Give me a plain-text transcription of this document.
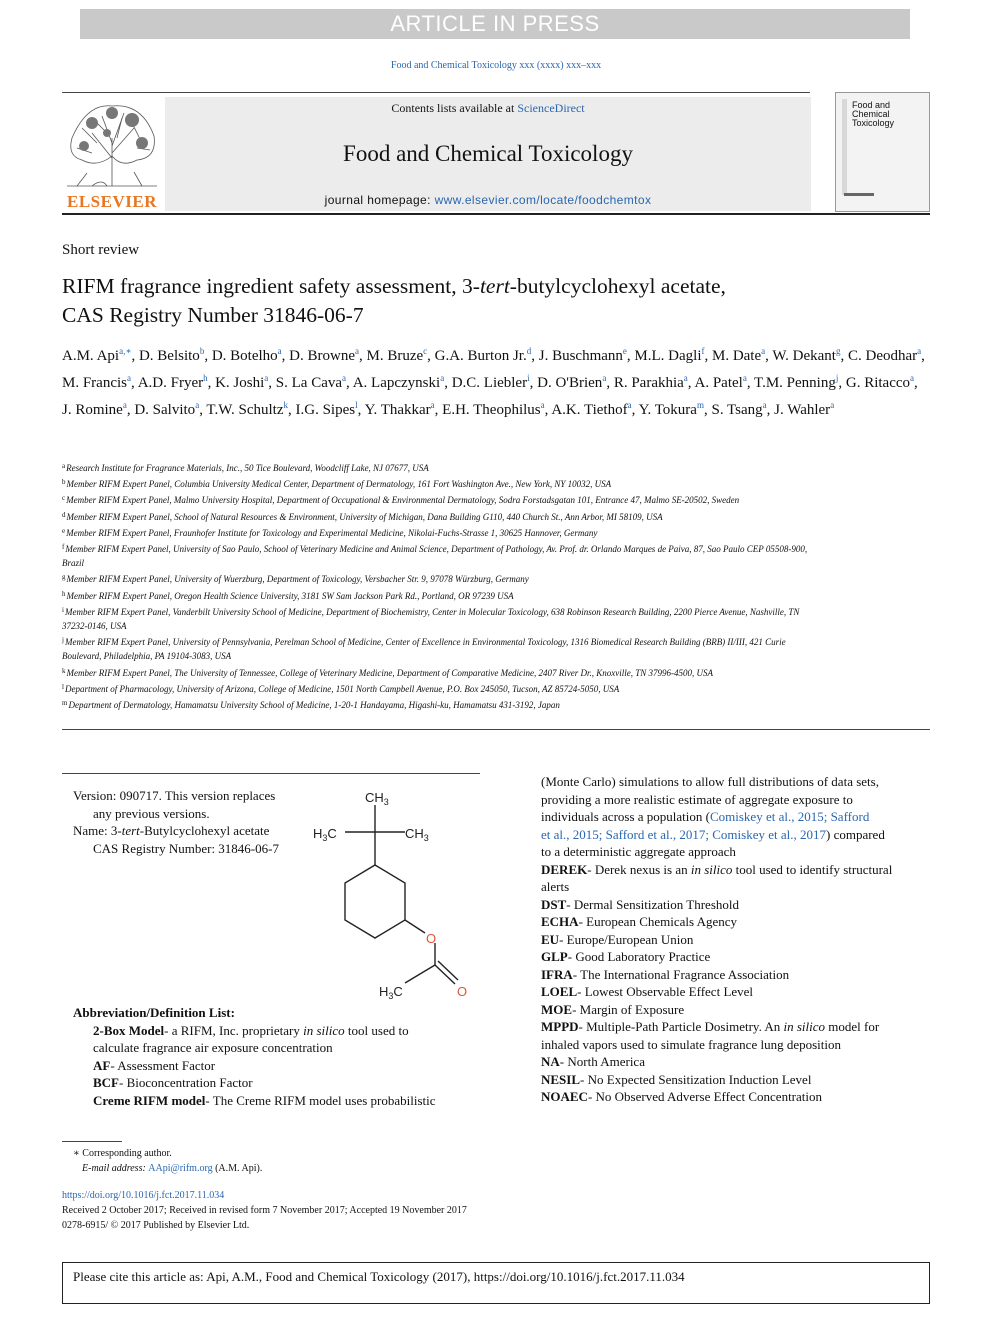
ARTICLE IN PRESS
Food and Chemical Toxicology xxx (xxxx) xxx–xxx
ELSEVIER
Contents lists available at ScienceDirect
Food and Chemical Toxicology
journal homepage: www.elsevier.com/locate/foodchemtox
Food and
Chemical
Toxicology
Short review
RIFM fragrance ingredient safety assessment, 3-tert-butylcyclohexyl acetate,
CAS Registry Number 31846-06-7
A.M. Api$^{a,∗}$, D. Belsito$^b$, D. Botelho$^a$, D. Browne$^a$, M. Bruze$^c$, G.A. Burton Jr.$^d$, J. Buschmann$^e$, M.L. Dagli$^f$, M. Date$^a$, W. Dekant$^g$, C. Deodhar$^a$, M. Francis$^a$, A.D. Fryer$^h$, K. Joshi$^a$, S. La Cava$^a$, A. Lapczynski$^a$, D.C. Liebler$^i$, D. O'Brien$^a$, R. Parakhia$^a$, A. Patel$^a$, T.M. Penning$^j$, G. Ritacco$^a$, J. Romine$^a$, D. Salvito$^a$, T.W. Schultz$^k$, I.G. Sipes$^l$, Y. Thakkar$^a$, E.H. Theophilus$^a$, A.K. Tiethof$^a$, Y. Tokura$^m$, S. Tsang$^a$, J. Wahler$^a$
$^a$Research Institute for Fragrance Materials, Inc., 50 Tice Boulevard, Woodcliff Lake, NJ 07677, USA
$^b$Member RIFM Expert Panel, Columbia University Medical Center, Department of Dermatology, 161 Fort Washington Ave., New York, NY 10032, USA
$^c$Member RIFM Expert Panel, Malmo University Hospital, Department of Occupational & Environmental Dermatology, Sodra Forstadsgatan 101, Entrance 47, Malmo SE-20502, Sweden
$^d$Member RIFM Expert Panel, School of Natural Resources & Environment, University of Michigan, Dana Building G110, 440 Church St., Ann Arbor, MI 58109, USA
$^e$Member RIFM Expert Panel, Fraunhofer Institute for Toxicology and Experimental Medicine, Nikolai-Fuchs-Strasse 1, 30625 Hannover, Germany
$^f$Member RIFM Expert Panel, University of Sao Paulo, School of Veterinary Medicine and Animal Science, Department of Pathology, Av. Prof. dr. Orlando Marques de Paiva, 87, Sao Paulo CEP 05508-900, Brazil
$^g$Member RIFM Expert Panel, University of Wuerzburg, Department of Toxicology, Versbacher Str. 9, 97078 Würzburg, Germany
$^h$Member RIFM Expert Panel, Oregon Health Science University, 3181 SW Sam Jackson Park Rd., Portland, OR 97239 USA
$^i$Member RIFM Expert Panel, Vanderbilt University School of Medicine, Department of Biochemistry, Center in Molecular Toxicology, 638 Robinson Research Building, 2200 Pierce Avenue, Nashville, TN 37232-0146, USA
$^j$Member RIFM Expert Panel, University of Pennsylvania, Perelman School of Medicine, Center of Excellence in Environmental Toxicology, 1316 Biomedical Research Building (BRB) II/III, 421 Curie Boulevard, Philadelphia, PA 19104-3083, USA
$^k$Member RIFM Expert Panel, The University of Tennessee, College of Veterinary Medicine, Department of Comparative Medicine, 2407 River Dr., Knoxville, TN 37996-4500, USA
$^l$Department of Pharmacology, University of Arizona, College of Medicine, 1501 North Campbell Avenue, P.O. Box 245050, Tucson, AZ 85724-5050, USA
$^m$Department of Dermatology, Hamamatsu University School of Medicine, 1-20-1 Handayama, Higashi-ku, Hamamatsu 431-3192, Japan
Version: 090717. This version replaces
any previous versions.
Name: 3-tert-Butylcyclohexyl acetate
CAS Registry Number: 31846-06-7
$CH_3$
$H_3C$	$CH_3$
O
O
$H_3C$
Abbreviation/Definition List:
2-Box Model- a RIFM, Inc. proprietary in silico tool used to
calculate fragrance air exposure concentration
AF- Assessment Factor
BCF- Bioconcentration Factor
Creme RIFM model- The Creme RIFM model uses probabilistic
(Monte Carlo) simulations to allow full distributions of data sets,
providing a more realistic estimate of aggregate exposure to
individuals across a population (Comiskey et al., 2015; Safford
et al., 2015; Safford et al., 2017; Comiskey et al., 2017) compared
to a deterministic aggregate approach
DEREK- Derek nexus is an in silico tool used to identify structural
alerts
DST- Dermal Sensitization Threshold
ECHA- European Chemicals Agency
EU- Europe/European Union
GLP- Good Laboratory Practice
IFRA- The International Fragrance Association
LOEL- Lowest Observable Effect Level
MOE- Margin of Exposure
MPPD- Multiple-Path Particle Dosimetry. An in silico model for
inhaled vapors used to simulate fragrance lung deposition
NA- North America
NESIL- No Expected Sensitization Induction Level
NOAEC- No Observed Adverse Effect Concentration
∗ Corresponding author.
E-mail address: AApi@rifm.org (A.M. Api).
https://doi.org/10.1016/j.fct.2017.11.034
Received 2 October 2017; Received in revised form 7 November 2017; Accepted 19 November 2017
0278-6915/ © 2017 Published by Elsevier Ltd.
Please cite this article as: Api, A.M., Food and Chemical Toxicology (2017), https://doi.org/10.1016/j.fct.2017.11.034
